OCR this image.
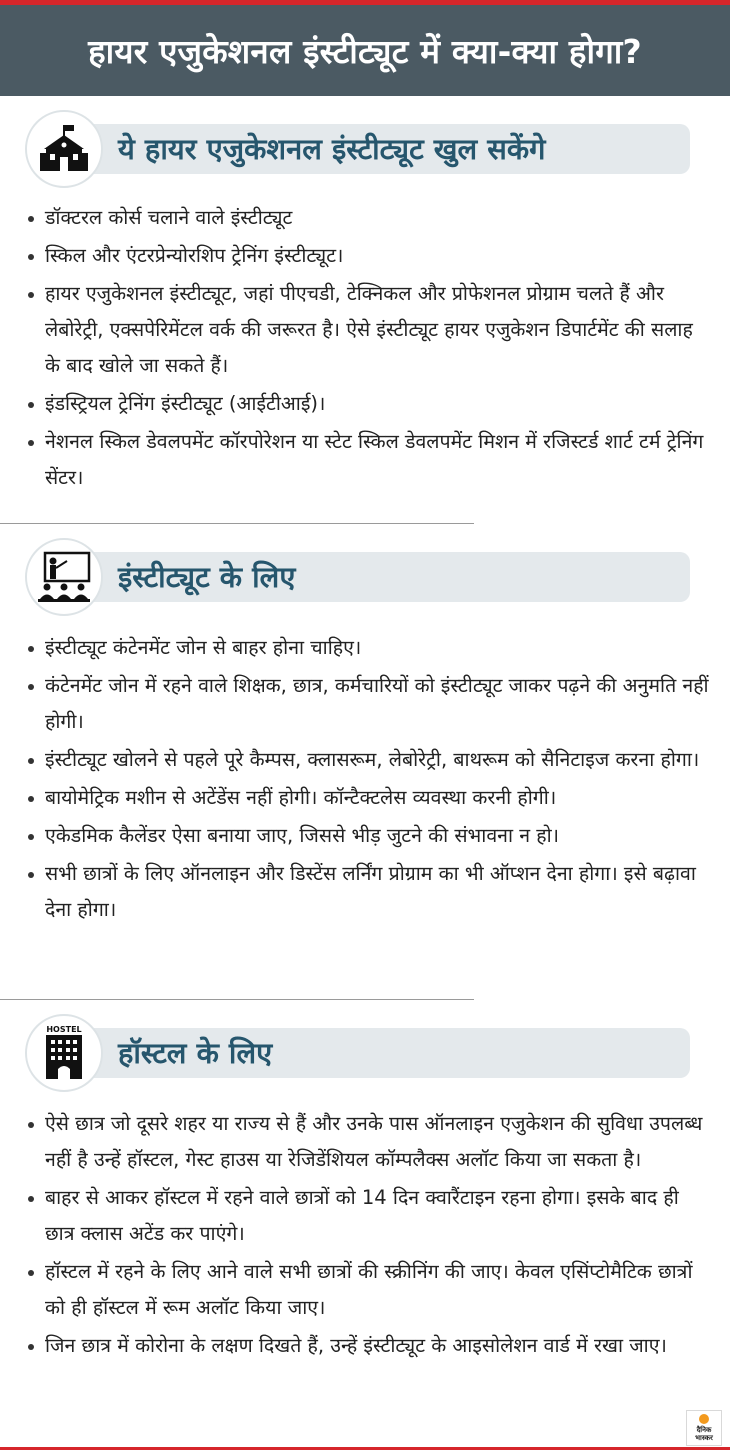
हायर एजुकेशनल इंस्टीट्यूट में क्या-क्या होगा?
ये हायर एजुकेशनल इंस्टीट्यूट खुल सकेंगे
डॉक्टरल कोर्स चलाने वाले इंस्टीट्यूट
स्किल और एंटरप्रेन्योरशिप ट्रेनिंग इंस्टीट्यूट।
हायर एजुकेशनल इंस्टीट्यूट, जहां पीएचडी, टेक्निकल और प्रोफेशनल प्रोग्राम चलते हैं और लेबोरेट्री, एक्सपेरिमेंटल वर्क की जरूरत है। ऐसे इंस्टीट्यूट हायर एजुकेशन डिपार्टमेंट की सलाह के बाद खोले जा सकते हैं।
इंडस्ट्रियल ट्रेनिंग इंस्टीट्यूट (आईटीआई)।
नेशनल स्किल डेवलपमेंट कॉरपोरेशन या स्टेट स्किल डेवलपमेंट मिशन में रजिस्टर्ड शार्ट टर्म ट्रेनिंग सेंटर।
इंस्टीट्यूट के लिए
इंस्टीट्यूट कंटेनमेंट जोन से बाहर होना चाहिए।
कंटेनमेंट जोन में रहने वाले शिक्षक, छात्र, कर्मचारियों को इंस्टीट्यूट जाकर पढ़ने की अनुमति नहीं होगी।
इंस्टीट्यूट खोलने से पहले पूरे कैम्पस, क्लासरूम, लेबोरेट्री, बाथरूम को सैनिटाइज करना होगा।
बायोमेट्रिक मशीन से अटेंडेंस नहीं होगी। कॉन्टैक्टलेस व्यवस्था करनी होगी।
एकेडमिक कैलेंडर ऐसा बनाया जाए, जिससे भीड़ जुटने की संभावना न हो।
सभी छात्रों के लिए ऑनलाइन और डिस्टेंस लर्निंग प्रोग्राम का भी ऑप्शन देना होगा। इसे बढ़ावा देना होगा।
हॉस्टल के लिए
HOSTEL
ऐसे छात्र जो दूसरे शहर या राज्य से हैं और उनके पास ऑनलाइन एजुकेशन की सुविधा उपलब्ध नहीं है उन्हें हॉस्टल, गेस्ट हाउस या रेजिडेंशियल कॉम्पलैक्स अलॉट किया जा सकता है।
बाहर से आकर हॉस्टल में रहने वाले छात्रों को 14 दिन क्वारैंटाइन रहना होगा। इसके बाद ही छात्र क्लास अटेंड कर पाएंगे।
हॉस्टल में रहने के लिए आने वाले सभी छात्रों की स्क्रीनिंग की जाए। केवल एसिंप्टोमैटिक छात्रों को ही हॉस्टल में रूम अलॉट किया जाए।
जिन छात्र में कोरोना के लक्षण दिखते हैं, उन्हें इंस्टीट्यूट के आइसोलेशन वार्ड में रखा जाए।
दैनिक
भास्कर
